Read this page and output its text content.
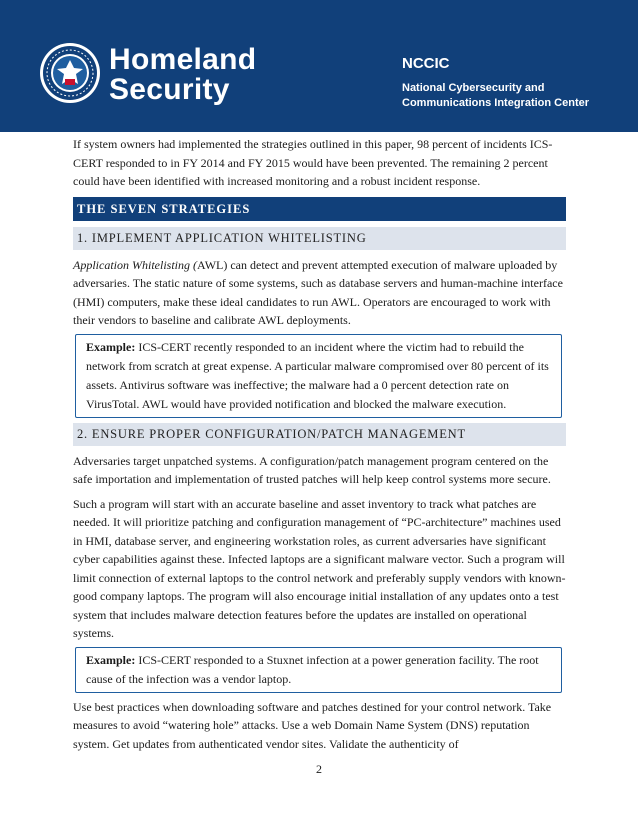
Homeland
Security
NCCIC
National Cybersecurity and
Communications Integration Center

If system owners had implemented the strategies outlined in this paper, 98 percent of incidents ICS-CERT responded to in FY 2014 and FY 2015 would have been prevented. The remaining 2 percent could have been identified with increased monitoring and a robust incident response.

THE SEVEN STRATEGIES
1. IMPLEMENT APPLICATION WHITELISTING

Application Whitelisting (AWL) can detect and prevent attempted execution of malware uploaded by adversaries. The static nature of some systems, such as database servers and human-machine interface (HMI) computers, make these ideal candidates to run AWL. Operators are encouraged to work with their vendors to baseline and calibrate AWL deployments.

Example: ICS-CERT recently responded to an incident where the victim had to rebuild the network from scratch at great expense. A particular malware compromised over 80 percent of its assets. Antivirus software was ineffective; the malware had a 0 percent detection rate on VirusTotal. AWL would have provided notification and blocked the malware execution.

2. ENSURE PROPER CONFIGURATION/PATCH MANAGEMENT

Adversaries target unpatched systems. A configuration/patch management program centered on the safe importation and implementation of trusted patches will help keep control systems more secure.

Such a program will start with an accurate baseline and asset inventory to track what patches are needed. It will prioritize patching and configuration management of “PC-architecture” machines used in HMI, database server, and engineering workstation roles, as current adversaries have significant cyber capabilities against these. Infected laptops are a significant malware vector. Such a program will limit connection of external laptops to the control network and preferably supply vendors with known-good company laptops. The program will also encourage initial installation of any updates onto a test system that includes malware detection features before the updates are installed on operational systems.

Example: ICS-CERT responded to a Stuxnet infection at a power generation facility. The root cause of the infection was a vendor laptop.

Use best practices when downloading software and patches destined for your control network. Take measures to avoid “watering hole” attacks. Use a web Domain Name System (DNS) reputation system. Get updates from authenticated vendor sites. Validate the authenticity of

2
